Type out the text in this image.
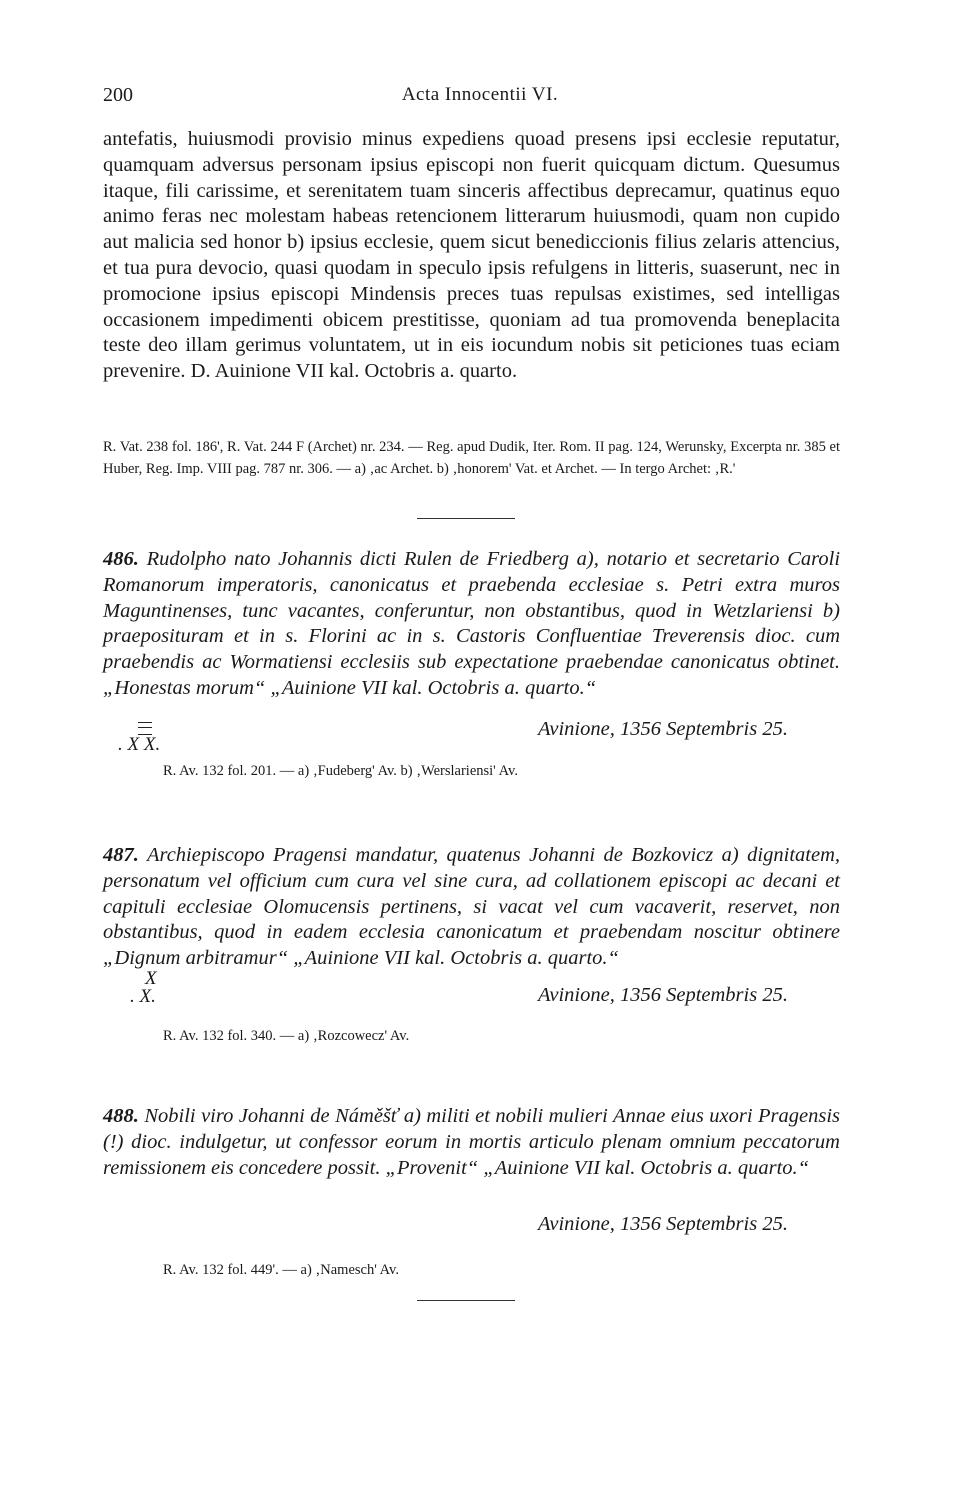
200	Acta Innocentii VI.

antefatis, huiusmodi provisio minus expediens quoad presens ipsi ecclesie reputatur, quamquam adversus personam ipsius episcopi non fuerit quicquam dictum. Quesumus itaque, fili carissime, et serenitatem tuam sinceris affectibus deprecamur, quatinus equo animo feras nec molestam habeas retencionem litterarum huiusmodi, quam non cupido aut malicia sed honor b) ipsius ecclesie, quem sicut benediccionis filius zelaris attencius, et tua pura devocio, quasi quodam in speculo ipsis refulgens in litteris, suaserunt, nec in promocione ipsius episcopi Mindensis preces tuas repulsas existimes, sed intelligas occasionem impedimenti obicem prestitisse, quoniam ad tua promovenda beneplacita teste deo illam gerimus voluntatem, ut in eis iocundum nobis sit peticiones tuas eciam prevenire. D. Auinione VII kal. Octobris a. quarto.

R. Vat. 238 fol. 186', R. Vat. 244 F (Archet) nr. 234. — Reg. apud Dudik, Iter. Rom. II pag. 124, Werunsky, Excerpta nr. 385 et Huber, Reg. Imp. VIII pag. 787 nr. 306. — a) ‚ac Archet. b) ‚honorem' Vat. et Archet. — In tergo Archet: ‚R.'

486. Rudolpho nato Johannis dicti Rulen de Friedberg a), notario et secretario Caroli Romanorum imperatoris, canonicatus et praebenda ecclesiae s. Petri extra muros Maguntinenses, tunc vacantes, conferuntur, non obstantibus, quod in Wetzlariensi b) praeposituram et in s. Florini ac in s. Castoris Confluentiae Treverensis dioc. cum praebendis ac Wormatiensi ecclesiis sub expectatione praebendae canonicatus obtinet. „Honestas morum“ „Auinione VII kal. Octobris a. quarto.“

. X X.
Avinione, 1356 Septembris 25.
R. Av. 132 fol. 201. — a) ‚Fudeberg' Av. b) ‚Werslariensi' Av.

487. Archiepiscopo Pragensi mandatur, quatenus Johanni de Bozkovicz a) dignitatem, personatum vel officium cum cura vel sine cura, ad collationem episcopi ac decani et capituli ecclesiae Olomucensis pertinens, si vacat vel cum vacaverit, reservet, non obstantibus, quod in eadem ecclesia canonicatum et praebendam noscitur obtinere „Dignum arbitramur“ „Auinione VII kal. Octobris a. quarto.“

X
. X.	Avinione, 1356 Septembris 25.
R. Av. 132 fol. 340. — a) ‚Rozcowecz' Av.

488. Nobili viro Johanni de Náměšť a) militi et nobili mulieri Annae eius uxori Pragensis (!) dioc. indulgetur, ut confessor eorum in mortis articulo plenam omnium peccatorum remissionem eis concedere possit. „Provenit“ „Auinione VII kal. Octobris a. quarto.“

Avinione, 1356 Septembris 25.
R. Av. 132 fol. 449'. — a) ‚Namesch' Av.
